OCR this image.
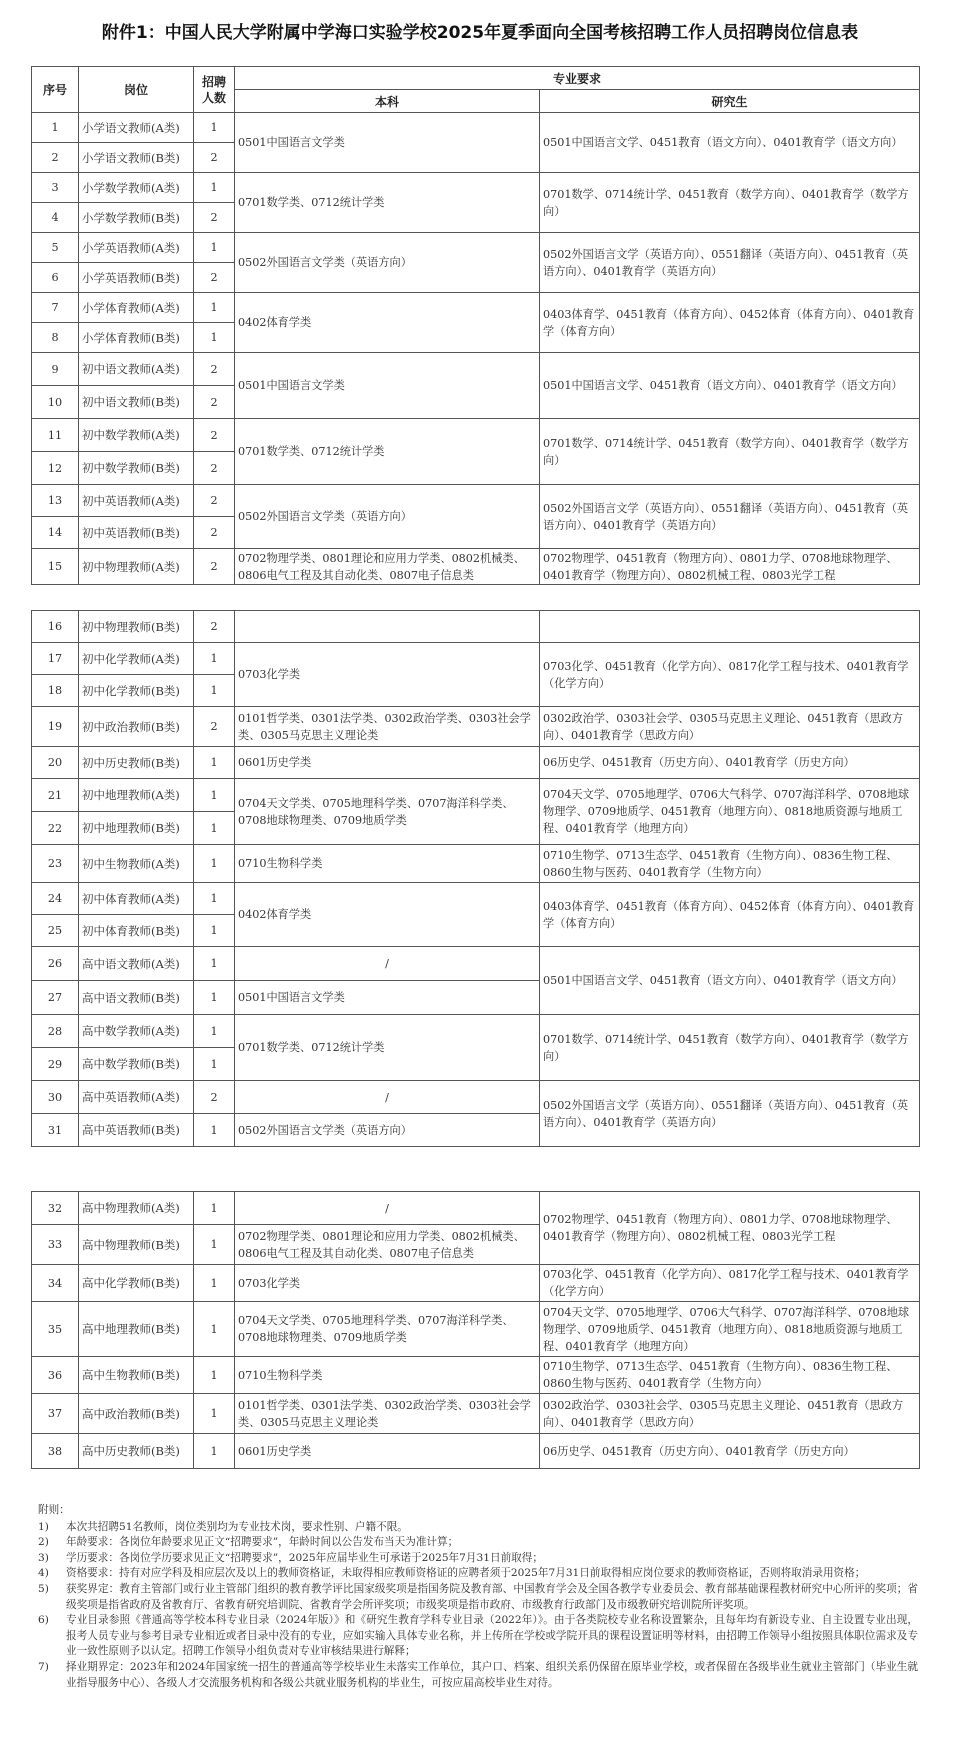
附件1：中国人民大学附属中学海口实验学校2025年夏季面向全国考核招聘工作人员招聘岗位信息表
序号	岗位	招聘人数	专业要求	
			本科	研究生
1	小学语文教师(A类)	1	0501中国语言文学类	0501中国语言文学、0451教育（语文方向）、0401教育学（语文方向）
2	小学语文教师(B类)	2		
3	小学数学教师(A类)	1	0701数学类、0712统计学类	0701数学、0714统计学、0451教育（数学方向）、0401教育学（数学方向）
4	小学数学教师(B类)	2		
5	小学英语教师(A类)	1	0502外国语言文学类（英语方向）	0502外国语言文学（英语方向）、0551翻译（英语方向）、0451教育（英语方向）、0401教育学（英语方向）
6	小学英语教师(B类)	2		
7	小学体育教师(A类)	1	0402体育学类	0403体育学、0451教育（体育方向）、0452体育（体育方向）、0401教育学（体育方向）
8	小学体育教师(B类)	1		
9	初中语文教师(A类)	2	0501中国语言文学类	0501中国语言文学、0451教育（语文方向）、0401教育学（语文方向）
10	初中语文教师(B类)	2		
11	初中数学教师(A类)	2	0701数学类、0712统计学类	0701数学、0714统计学、0451教育（数学方向）、0401教育学（数学方向）
12	初中数学教师(B类)	2		
13	初中英语教师(A类)	2	0502外国语言文学类（英语方向）	0502外国语言文学（英语方向）、0551翻译（英语方向）、0451教育（英语方向）、0401教育学（英语方向）
14	初中英语教师(B类)	2		
15	初中物理教师(A类)	2	0702物理学类、0801理论和应用力学类、0802机械类、0806电气工程及其自动化类、0807电子信息类	0702物理学、0451教育（物理方向）、0801力学、0708地球物理学、0401教育学（物理方向）、0802机械工程、0803光学工程
16	初中物理教师(B类)	2		
17	初中化学教师(A类)	1	0703化学类	0703化学、0451教育（化学方向）、0817化学工程与技术、0401教育学（化学方向）
18	初中化学教师(B类)	1		
19	初中政治教师(B类)	2	0101哲学类、0301法学类、0302政治学类、0303社会学类、0305马克思主义理论类	0302政治学、0303社会学、0305马克思主义理论、0451教育（思政方向）、0401教育学（思政方向）
20	初中历史教师(B类)	1	0601历史学类	06历史学、0451教育（历史方向）、0401教育学（历史方向）
21	初中地理教师(A类)	1	0704天文学类、0705地理科学类、0707海洋科学类、0708地球物理类、0709地质学类	0704天文学、0705地理学、0706大气科学、0707海洋科学、0708地球物理学、0709地质学、0451教育（地理方向）、0818地质资源与地质工程、0401教育学（地理方向）
22	初中地理教师(B类)	1		
23	初中生物教师(A类)	1	0710生物科学类	0710生物学、0713生态学、0451教育（生物方向）、0836生物工程、0860生物与医药、0401教育学（生物方向）
24	初中体育教师(A类)	1	0402体育学类	0403体育学、0451教育（体育方向）、0452体育（体育方向）、0401教育学（体育方向）
25	初中体育教师(B类)	1		
26	高中语文教师(A类)	1	/	0501中国语言文学、0451教育（语文方向）、0401教育学（语文方向）
27	高中语文教师(B类)	1	0501中国语言文学类	
28	高中数学教师(A类)	1	0701数学类、0712统计学类	0701数学、0714统计学、0451教育（数学方向）、0401教育学（数学方向）
29	高中数学教师(B类)	1		
30	高中英语教师(A类)	2	/	0502外国语言文学（英语方向）、0551翻译（英语方向）、0451教育（英语方向）、0401教育学（英语方向）
31	高中英语教师(B类)	1	0502外国语言文学类（英语方向）	
32	高中物理教师(A类)	1	/	0702物理学、0451教育（物理方向）、0801力学、0708地球物理学、0401教育学（物理方向）、0802机械工程、0803光学工程
33	高中物理教师(B类)	1	0702物理学类、0801理论和应用力学类、0802机械类、0806电气工程及其自动化类、0807电子信息类	
34	高中化学教师(B类)	1	0703化学类	0703化学、0451教育（化学方向）、0817化学工程与技术、0401教育学（化学方向）
35	高中地理教师(B类)	1	0704天文学类、0705地理科学类、0707海洋科学类、0708地球物理类、0709地质学类	0704天文学、0705地理学、0706大气科学、0707海洋科学、0708地球物理学、0709地质学、0451教育（地理方向）、0818地质资源与地质工程、0401教育学（地理方向）
36	高中生物教师(B类)	1	0710生物科学类	0710生物学、0713生态学、0451教育（生物方向）、0836生物工程、0860生物与医药、0401教育学（生物方向）
37	高中政治教师(B类)	1	0101哲学类、0301法学类、0302政治学类、0303社会学类、0305马克思主义理论类	0302政治学、0303社会学、0305马克思主义理论、0451教育（思政方向）、0401教育学（思政方向）
38	高中历史教师(B类)	1	0601历史学类	06历史学、0451教育（历史方向）、0401教育学（历史方向）
附则：
1)	本次共招聘51名教师，岗位类别均为专业技术岗，要求性别、户籍不限。
2)	年龄要求：各岗位年龄要求见正文“招聘要求”，年龄时间以公告发布当天为准计算；
3)	学历要求：各岗位学历要求见正文“招聘要求”，2025年应届毕业生可承诺于2025年7月31日前取得；
4)	资格要求：持有对应学科及相应层次及以上的教师资格证，未取得相应教师资格证的应聘者须于2025年7月31日前取得相应岗位要求的教师资格证，否则将取消录用资格；
5)	获奖界定：教育主管部门或行业主管部门组织的教育教学评比国家级奖项是指国务院及教育部、中国教育学会及全国各教学专业委员会、教育部基础课程教材研究中心所评的奖项；省级奖项是指省政府及省教育厅、省教育研究培训院、省教育学会所评奖项；市级奖项是指市政府、市级教育行政部门及市级教研究培训院所评奖项。
6)	专业目录参照《普通高等学校本科专业目录（2024年版）》和《研究生教育学科专业目录（2022年）》。由于各类院校专业名称设置繁杂，且每年均有新设专业、自主设置专业出现，报考人员专业与参考目录专业相近或者目录中没有的专业，应如实输入具体专业名称，并上传所在学校或学院开具的课程设置证明等材料，由招聘工作领导小组按照具体职位需求及专业一致性原则予以认定。招聘工作领导小组负责对专业审核结果进行解释；
7)	择业期界定：2023年和2024年国家统一招生的普通高等学校毕业生未落实工作单位，其户口、档案、组织关系仍保留在原毕业学校，或者保留在各级毕业生就业主管部门（毕业生就业指导服务中心）、各级人才交流服务机构和各级公共就业服务机构的毕业生，可按应届高校毕业生对待。
